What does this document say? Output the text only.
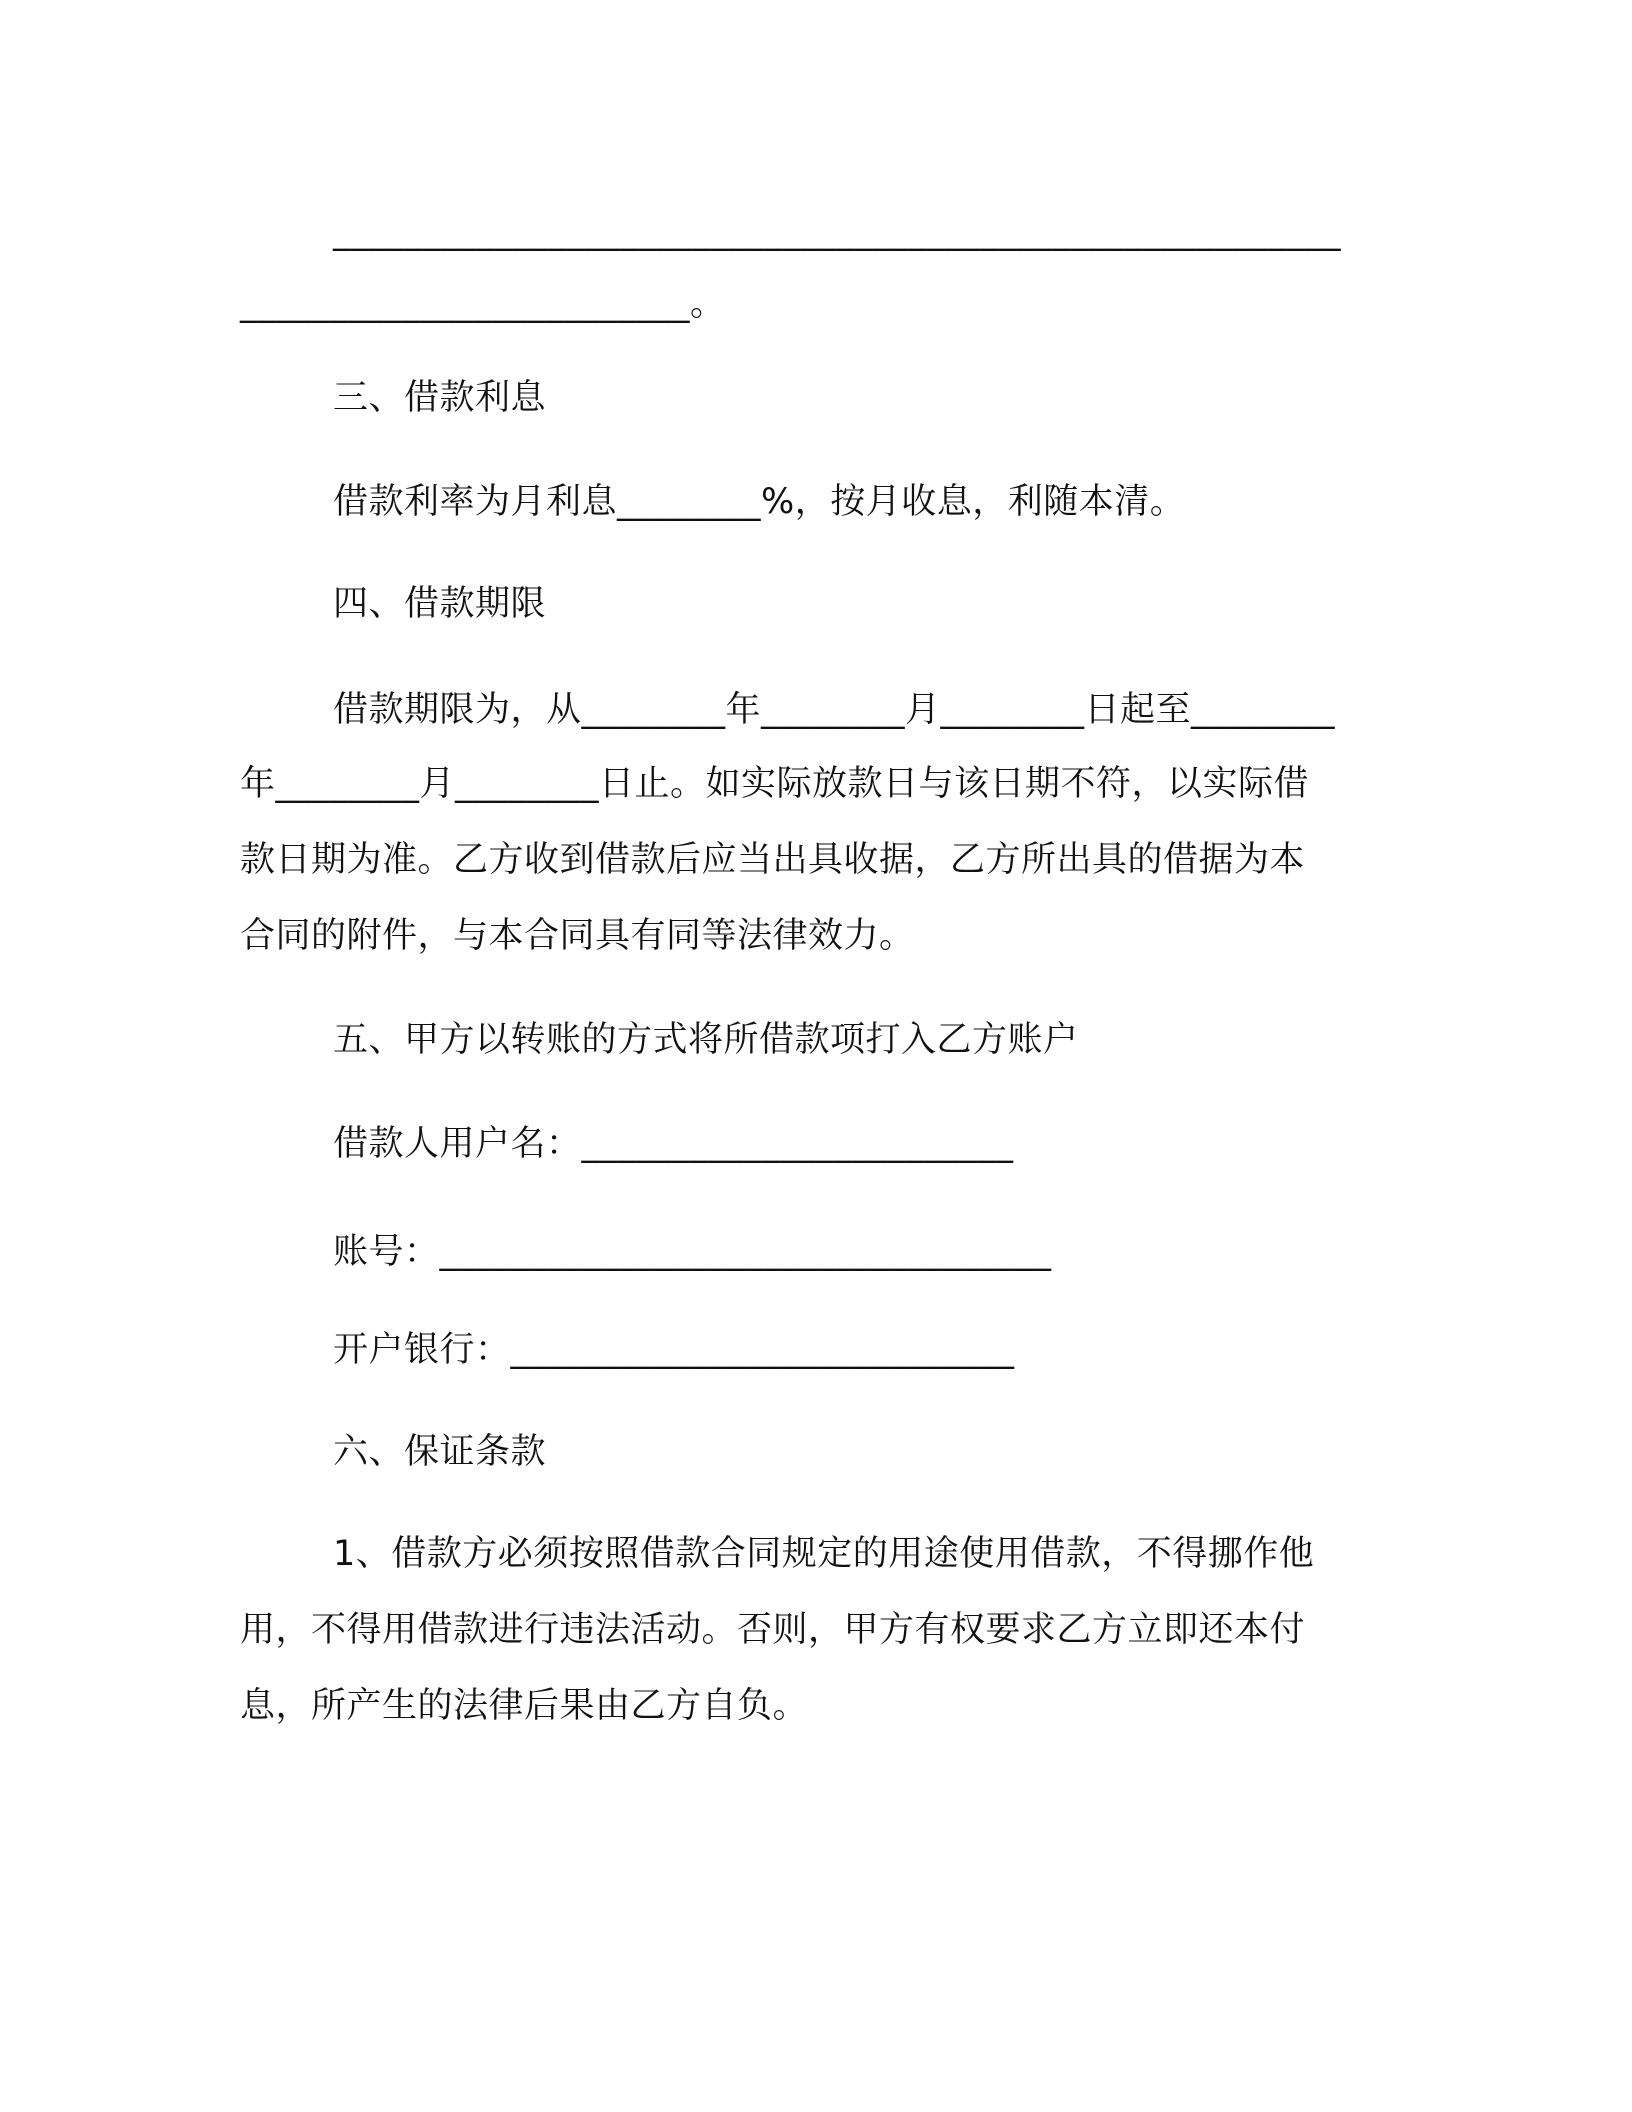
________________________________________________________
_________________________。
三、借款利息
借款利率为月利息________%，按月收息，利随本清。
四、借款期限
借款期限为，从________年________月________日起至________
年________月________日止。如实际放款日与该日期不符，以实际借
款日期为准。乙方收到借款后应当出具收据，乙方所出具的借据为本
合同的附件，与本合同具有同等法律效力。
五、甲方以转账的方式将所借款项打入乙方账户
借款人用户名：________________________
账号：__________________________________
开户银行：____________________________
六、保证条款
1、借款方必须按照借款合同规定的用途使用借款，不得挪作他
用，不得用借款进行违法活动。否则，甲方有权要求乙方立即还本付
息，所产生的法律后果由乙方自负。
